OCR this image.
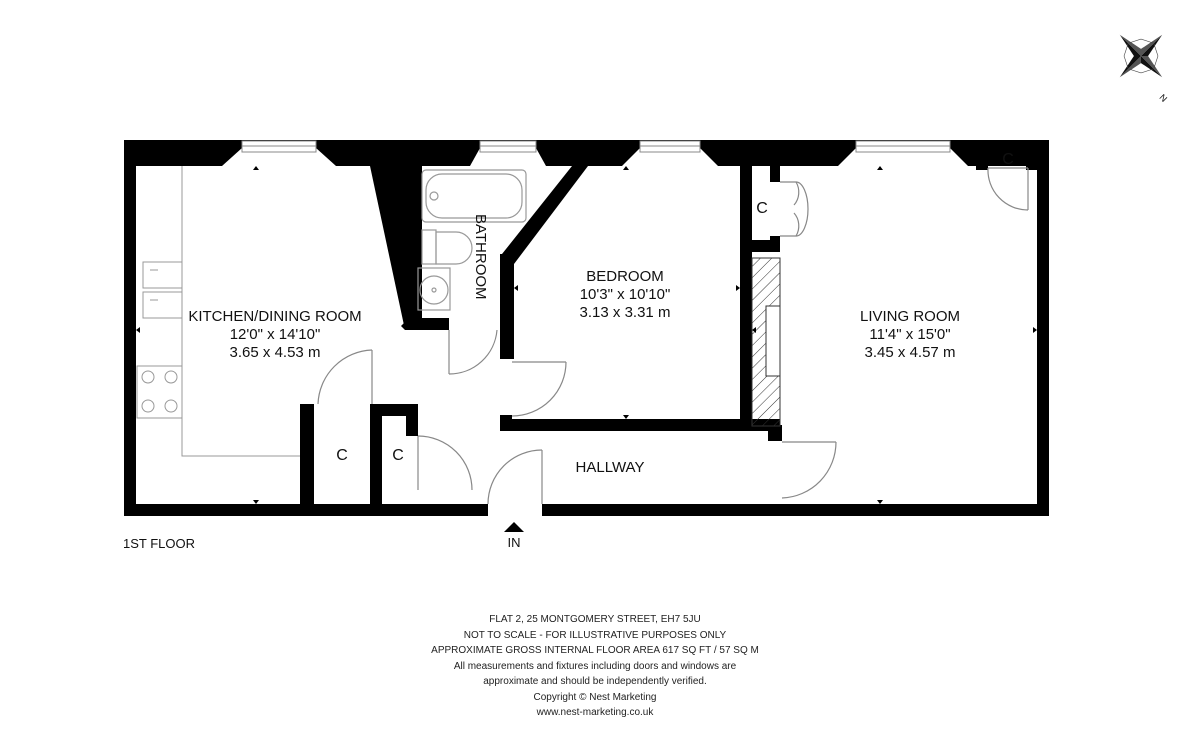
KITCHEN/DINING ROOM
12'0" x 14'10"
3.65 x 4.53 m
BEDROOM
10'3" x 10'10"
3.13 x 3.31 m	LIVING ROOM
11'4" x 15'0"
3.45 x 4.57 m
BATHROOM
HALLWAY
C	C
C
C
1ST FLOOR	IN
N
FLAT 2, 25 MONTGOMERY STREET, EH7 5JU
NOT TO SCALE - FOR ILLUSTRATIVE PURPOSES ONLY
APPROXIMATE GROSS INTERNAL FLOOR AREA 617 SQ FT / 57 SQ M
All measurements and fixtures including doors and windows are
approximate and should be independently verified.
Copyright © Nest Marketing
www.nest-marketing.co.uk
